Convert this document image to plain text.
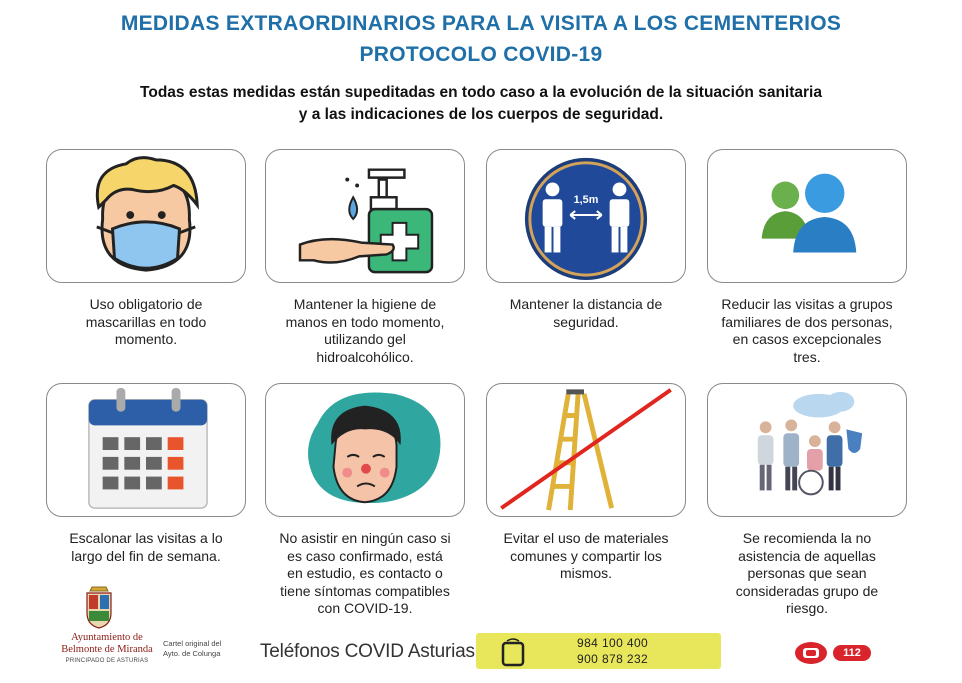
MEDIDAS EXTRAORDINARIOS PARA LA VISITA A LOS CEMENTERIOS
PROTOCOLO COVID-19
Todas estas medidas están supeditadas en todo caso a la evolución de la situación sanitaria
y a las indicaciones de los cuerpos de seguridad.
1,5m
Uso obligatorio de
mascarillas en todo
momento.
Mantener la higiene de
manos en todo momento,
utilizando gel
hidroalcohólico.
Mantener la distancia de
seguridad.
Reducir las visitas a grupos
familiares de dos personas,
en casos excepcionales
tres.
Escalonar las visitas a lo
largo del fin de semana.
No asistir en ningún caso si
es caso confirmado, está
en estudio, es contacto o
tiene síntomas compatibles
con COVID-19.
Evitar el uso de materiales
comunes y compartir los
mismos.
Se recomienda la no
asistencia de aquellas
personas que sean
consideradas grupo de
riesgo.
Ayuntamiento de
Belmonte de Miranda
PRINCIPADO DE ASTURIAS
Cartel original del
Ayto. de Colunga Teléfonos COVID Asturias	984 100 400
900 878 232	112
